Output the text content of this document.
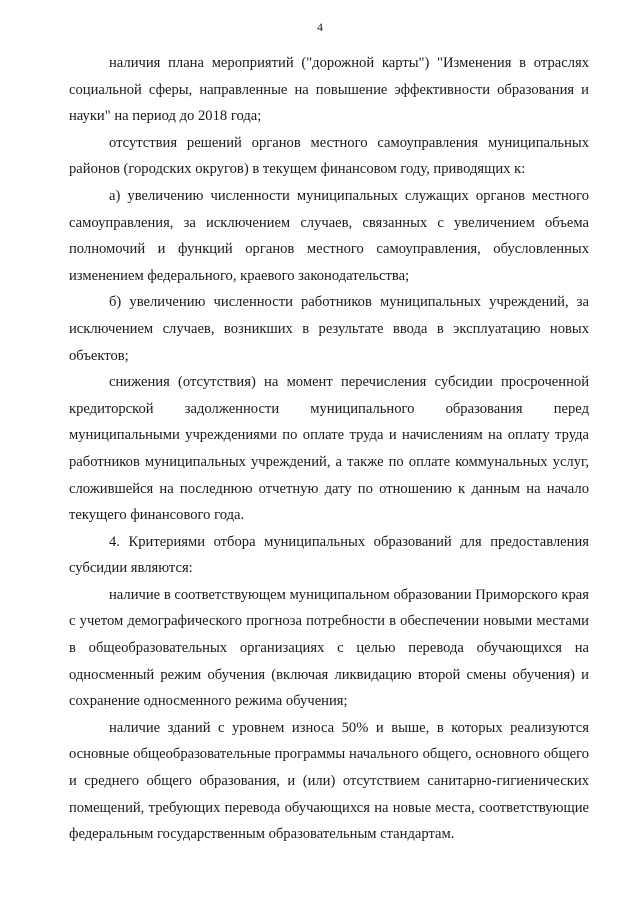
4

наличия плана мероприятий ("дорожной карты") "Изменения в отраслях социальной сферы, направленные на повышение эффективности образования и науки" на период до 2018 года;

отсутствия решений органов местного самоуправления муниципальных районов (городских округов) в текущем финансовом году, приводящих к:

а) увеличению численности муниципальных служащих органов местного самоуправления, за исключением случаев, связанных с увеличением объема полномочий и функций органов местного самоуправления, обусловленных изменением федерального, краевого законодательства;

б) увеличению численности работников муниципальных учреждений, за исключением случаев, возникших в результате ввода в эксплуатацию новых объектов;

снижения (отсутствия) на момент перечисления субсидии просроченной кредиторской задолженности муниципального образования перед муниципальными учреждениями по оплате труда и начислениям на оплату труда работников муниципальных учреждений, а также по оплате коммунальных услуг, сложившейся на последнюю отчетную дату по отношению к данным на начало текущего финансового года.

4. Критериями отбора муниципальных образований для предоставления субсидии являются:

наличие в соответствующем муниципальном образовании Приморского края с учетом демографического прогноза потребности в обеспечении новыми местами в общеобразовательных организациях с целью перевода обучающихся на односменный режим обучения (включая ликвидацию второй смены обучения) и сохранение односменного режима обучения;

наличие зданий с уровнем износа 50% и выше, в которых реализуются основные общеобразовательные программы начального общего, основного общего и среднего общего образования, и (или) отсутствием санитарно-гигиенических помещений, требующих перевода обучающихся на новые места, соответствующие федеральным государственным образовательным стандартам.
